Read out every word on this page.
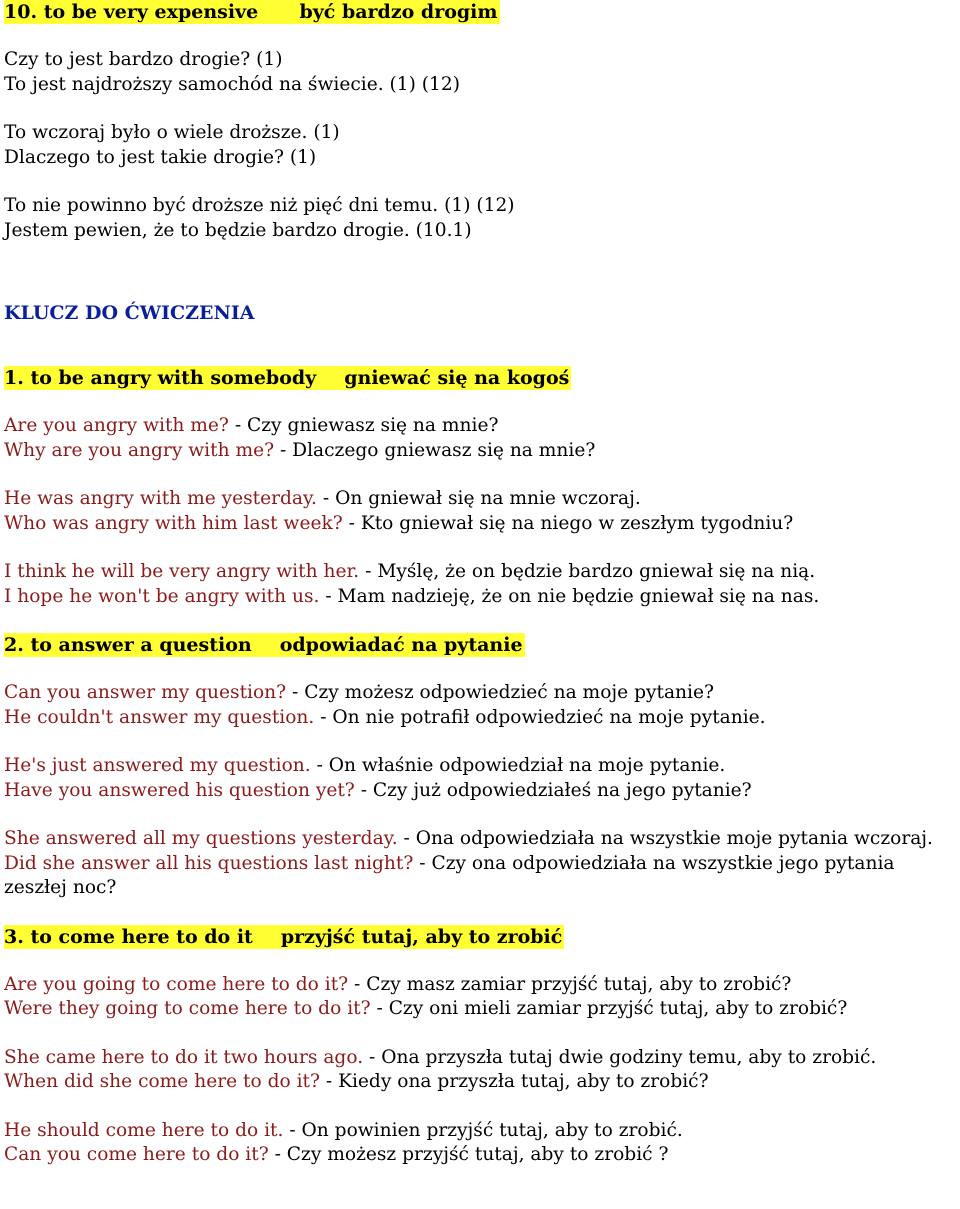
10. to be very expensive być bardzo drogim
Czy to jest bardzo drogie? (1)
To jest najdroższy samochód na świecie. (1) (12)
To wczoraj było o wiele droższe. (1)
Dlaczego to jest takie drogie? (1)
To nie powinno być droższe niż pięć dni temu. (1) (12)
Jestem pewien, że to będzie bardzo drogie. (10.1)
KLUCZ DO ĆWICZENIA
1. to be angry with somebody gniewać się na kogoś
Are you angry with me? - Czy gniewasz się na mnie?
Why are you angry with me? - Dlaczego gniewasz się na mnie?
He was angry with me yesterday. - On gniewał się na mnie wczoraj.
Who was angry with him last week? - Kto gniewał się na niego w zeszłym tygodniu?
I think he will be very angry with her. - Myślę, że on będzie bardzo gniewał się na nią.
I hope he won't be angry with us. - Mam nadzieję, że on nie będzie gniewał się na nas.
2. to answer a question odpowiadać na pytanie
Can you answer my question? - Czy możesz odpowiedzieć na moje pytanie?
He couldn't answer my question. - On nie potrafił odpowiedzieć na moje pytanie.
He's just answered my question. - On właśnie odpowiedział na moje pytanie.
Have you answered his question yet? - Czy już odpowiedziałeś na jego pytanie?
She answered all my questions yesterday. - Ona odpowiedziała na wszystkie moje pytania wczoraj.
Did she answer all his questions last night? - Czy ona odpowiedziała na wszystkie jego pytania zeszłej noc?
3. to come here to do it przyjść tutaj, aby to zrobić
Are you going to come here to do it? - Czy masz zamiar przyjść tutaj, aby to zrobić?
Were they going to come here to do it? - Czy oni mieli zamiar przyjść tutaj, aby to zrobić?
She came here to do it two hours ago. - Ona przyszła tutaj dwie godziny temu, aby to zrobić.
When did she come here to do it? - Kiedy ona przyszła tutaj, aby to zrobić?
He should come here to do it. - On powinien przyjść tutaj, aby to zrobić.
Can you come here to do it? - Czy możesz przyjść tutaj, aby to zrobić ?
